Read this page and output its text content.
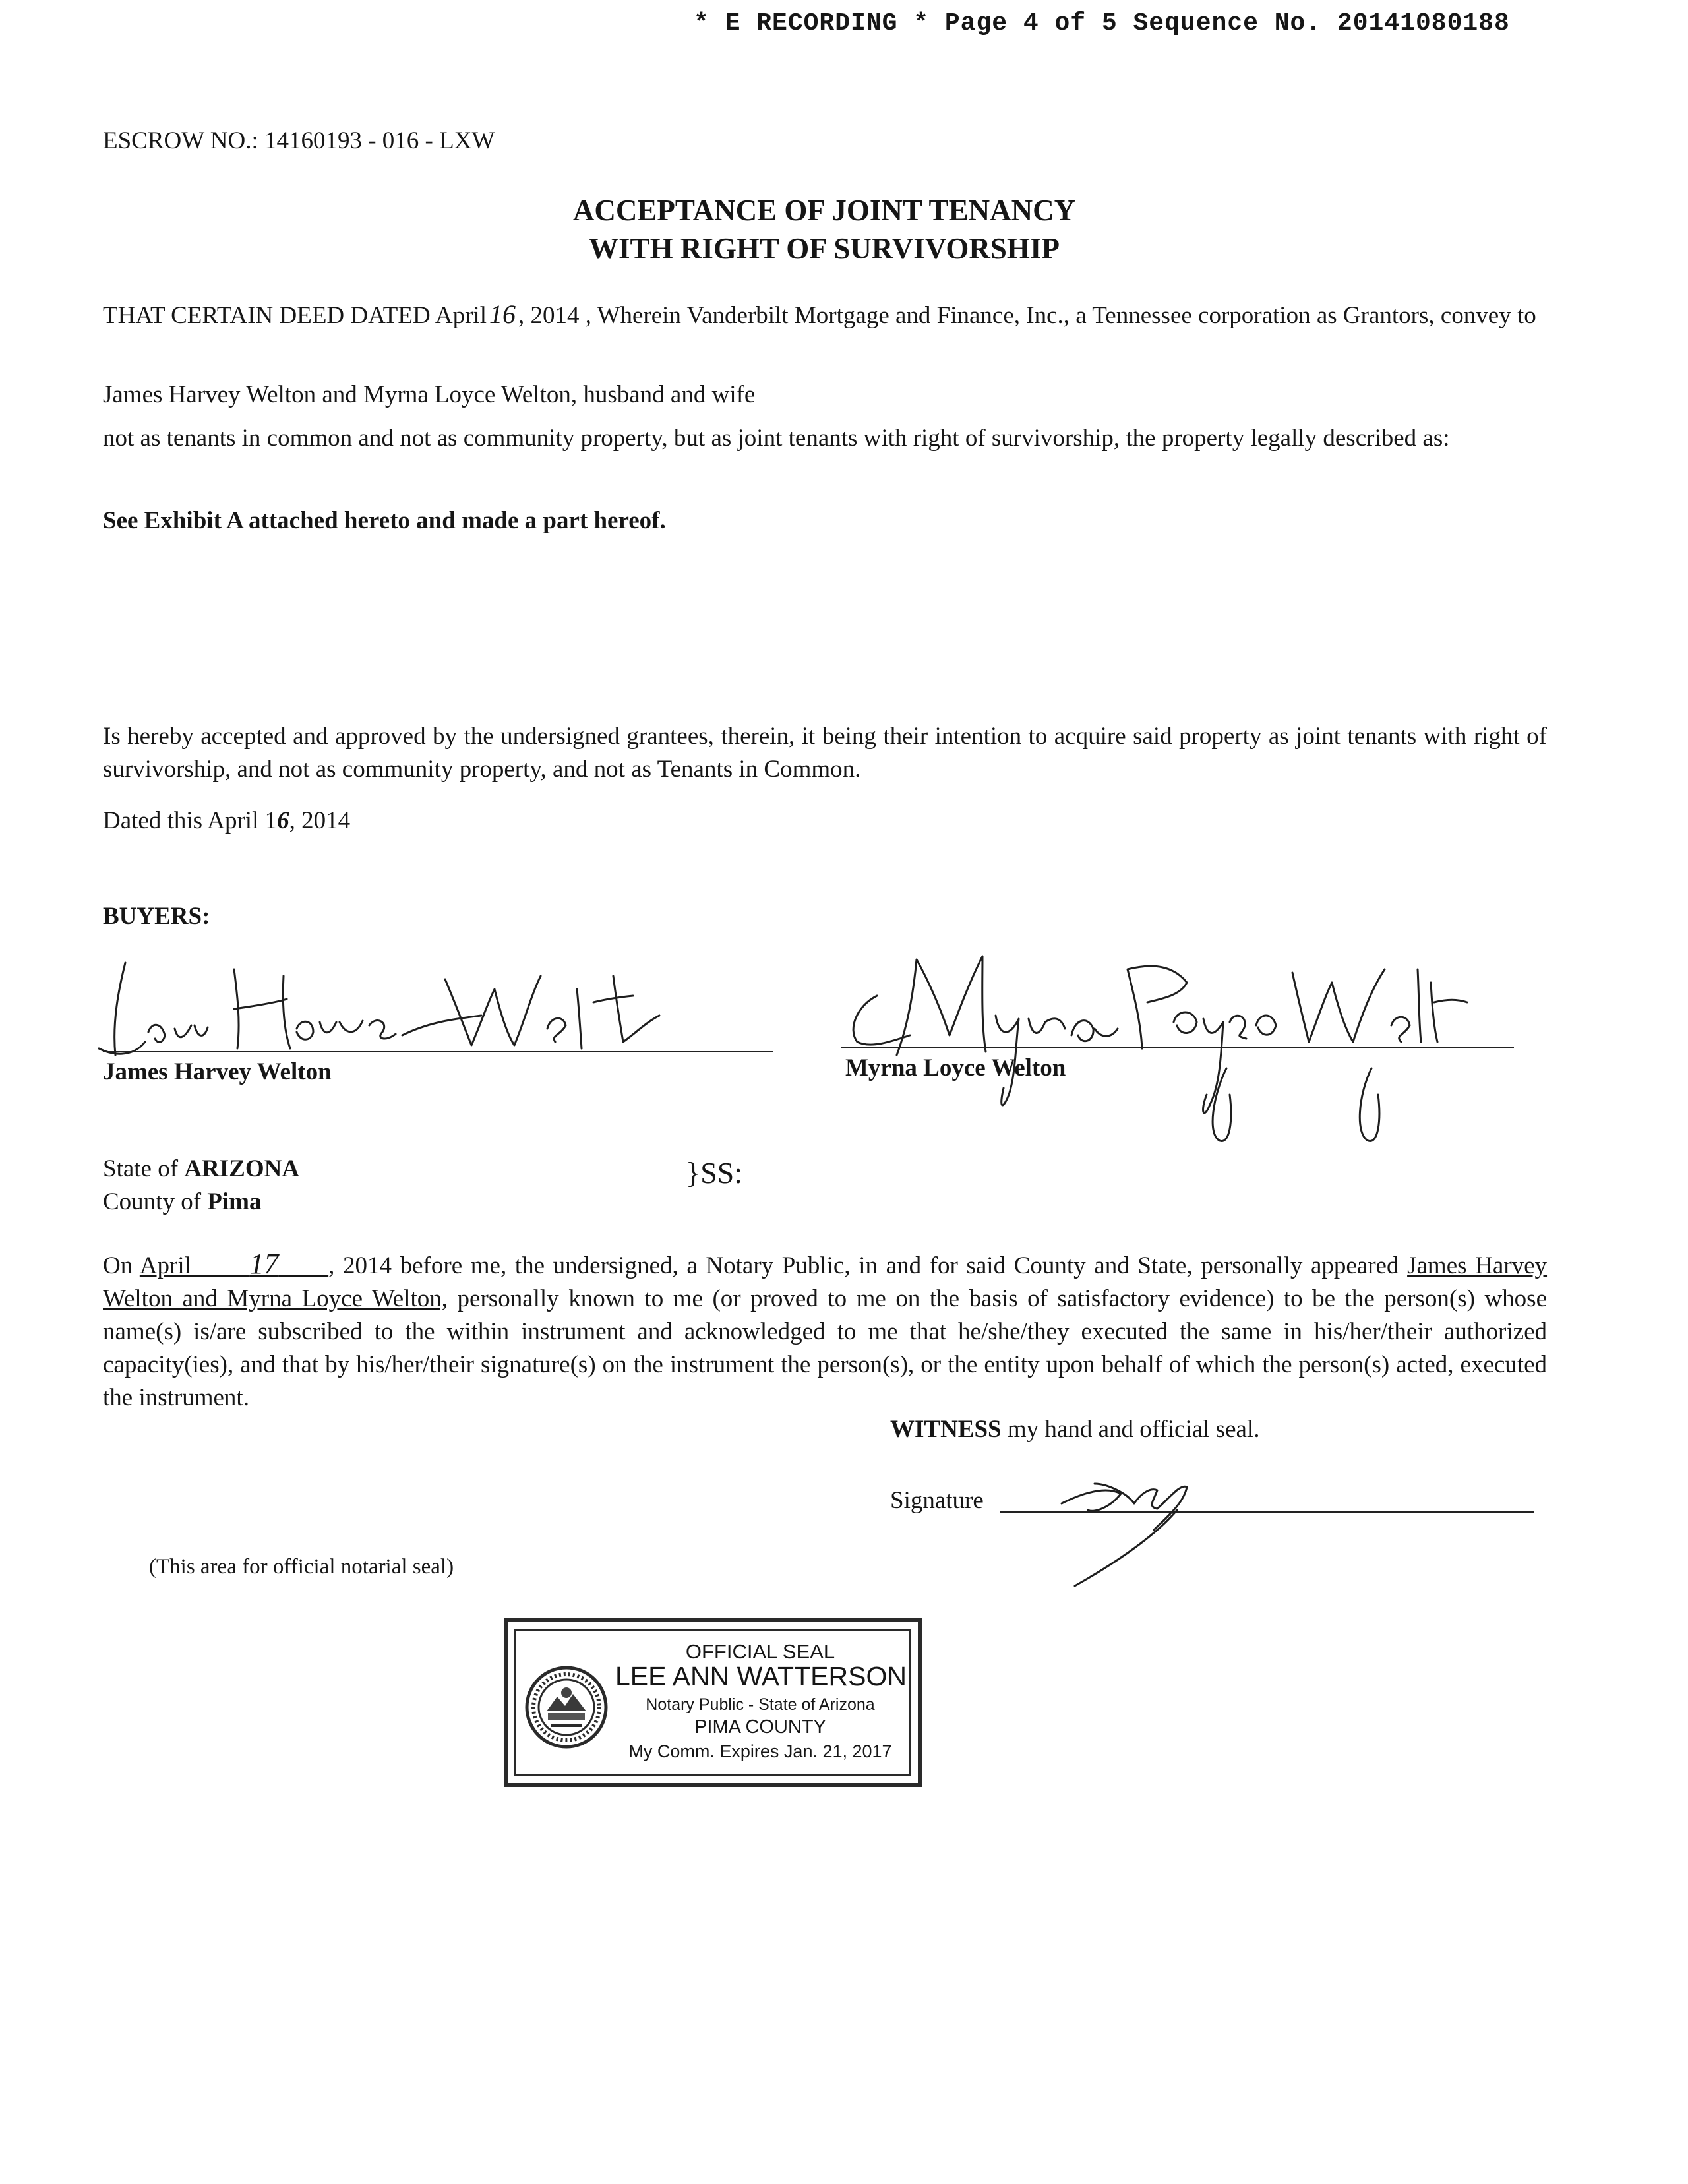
* E RECORDING * Page 4 of 5 Sequence No. 20141080188
ESCROW NO.: 14160193 - 016 - LXW
ACCEPTANCE OF JOINT TENANCY
WITH RIGHT OF SURVIVORSHIP
THAT CERTAIN DEED DATED April 16 , 2014 , Wherein Vanderbilt Mortgage and Finance, Inc., a Tennessee corporation as Grantors, convey to
James Harvey Welton and Myrna Loyce Welton, husband and wife
not as tenants in common and not as community property, but as joint tenants with right of survivorship, the property legally described as:
See Exhibit A attached hereto and made a part hereof.
Is hereby accepted and approved by the undersigned grantees, therein, it being their intention to acquire said property as joint tenants with right of survivorship, and not as community property, and not as Tenants in Common.
Dated this April 16, 2014
BUYERS:
James Harvey Welton	Myrna Loyce Welton
State of ARIZONA
County of Pima
}SS:
On April 17 , 2014 before me, the undersigned, a Notary Public, in and for said County and State, personally appeared James Harvey Welton and Myrna Loyce Welton, personally known to me (or proved to me on the basis of satisfactory evidence) to be the person(s) whose name(s) is/are subscribed to the within instrument and acknowledged to me that he/she/they executed the same in his/her/their authorized capacity(ies), and that by his/her/their signature(s) on the instrument the person(s), or the entity upon behalf of which the person(s) acted, executed the instrument.
WITNESS my hand and official seal.
Signature
(This area for official notarial seal)
OFFICIAL SEAL
LEE ANN WATTERSON
Notary Public - State of Arizona
PIMA COUNTY
My Comm. Expires Jan. 21, 2017
